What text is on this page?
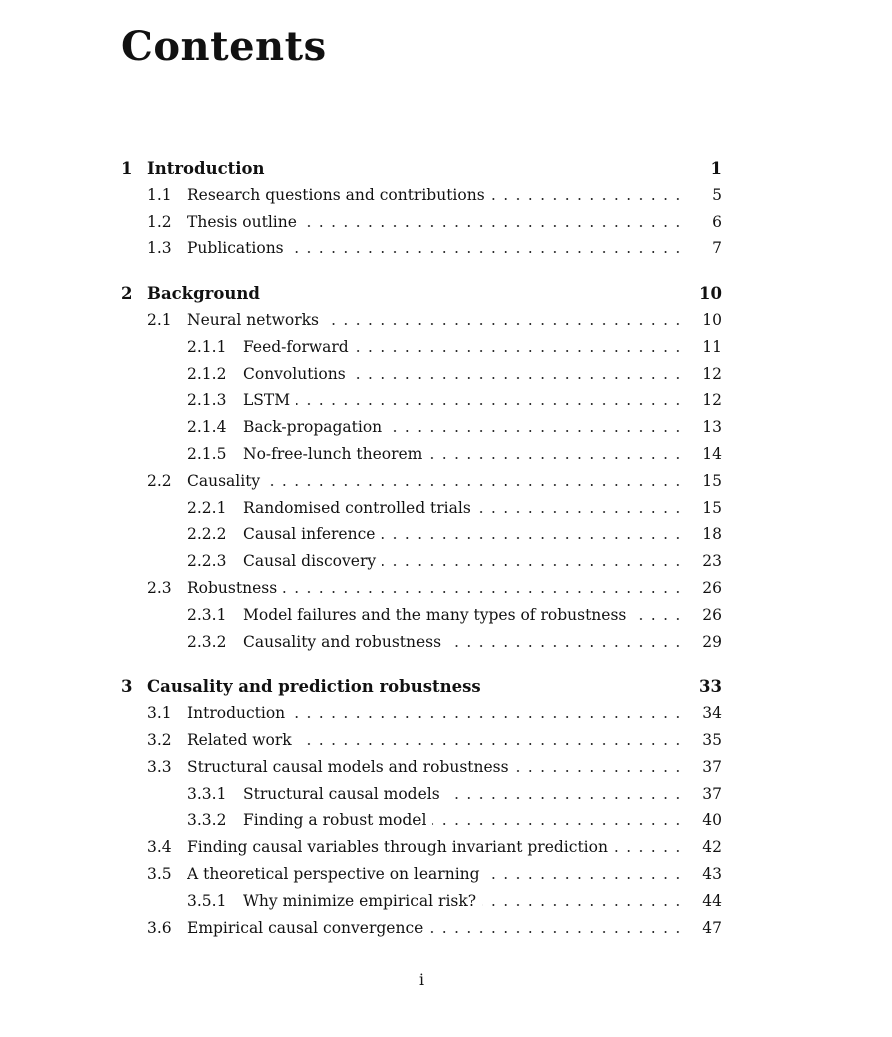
Contents
1 Introduction	1
1.1 Research questions and contributions	5
1.2 Thesis outline	6
1.3 Publications	7
2 Background	10
2.1 Neural networks	10
2.1.1 Feed-forward	11
2.1.2 Convolutions	12
2.1.3 LSTM	12
2.1.4 Back-propagation	13
2.1.5 No-free-lunch theorem	14
2.2 Causality	15
2.2.1 Randomised controlled trials	15
2.2.2 Causal inference	18
2.2.3 Causal discovery	23
2.3 Robustness	26
2.3.1 Model failures and the many types of robustness	26
2.3.2 Causality and robustness	29
3 Causality and prediction robustness	33
3.1 Introduction	34
3.2 Related work	35
3.3 Structural causal models and robustness	37
3.3.1 Structural causal models	37
3.3.2 Finding a robust model	40
3.4 Finding causal variables through invariant prediction	42
3.5 A theoretical perspective on learning	43
3.5.1 Why minimize empirical risk?	44
3.6 Empirical causal convergence	47
i
